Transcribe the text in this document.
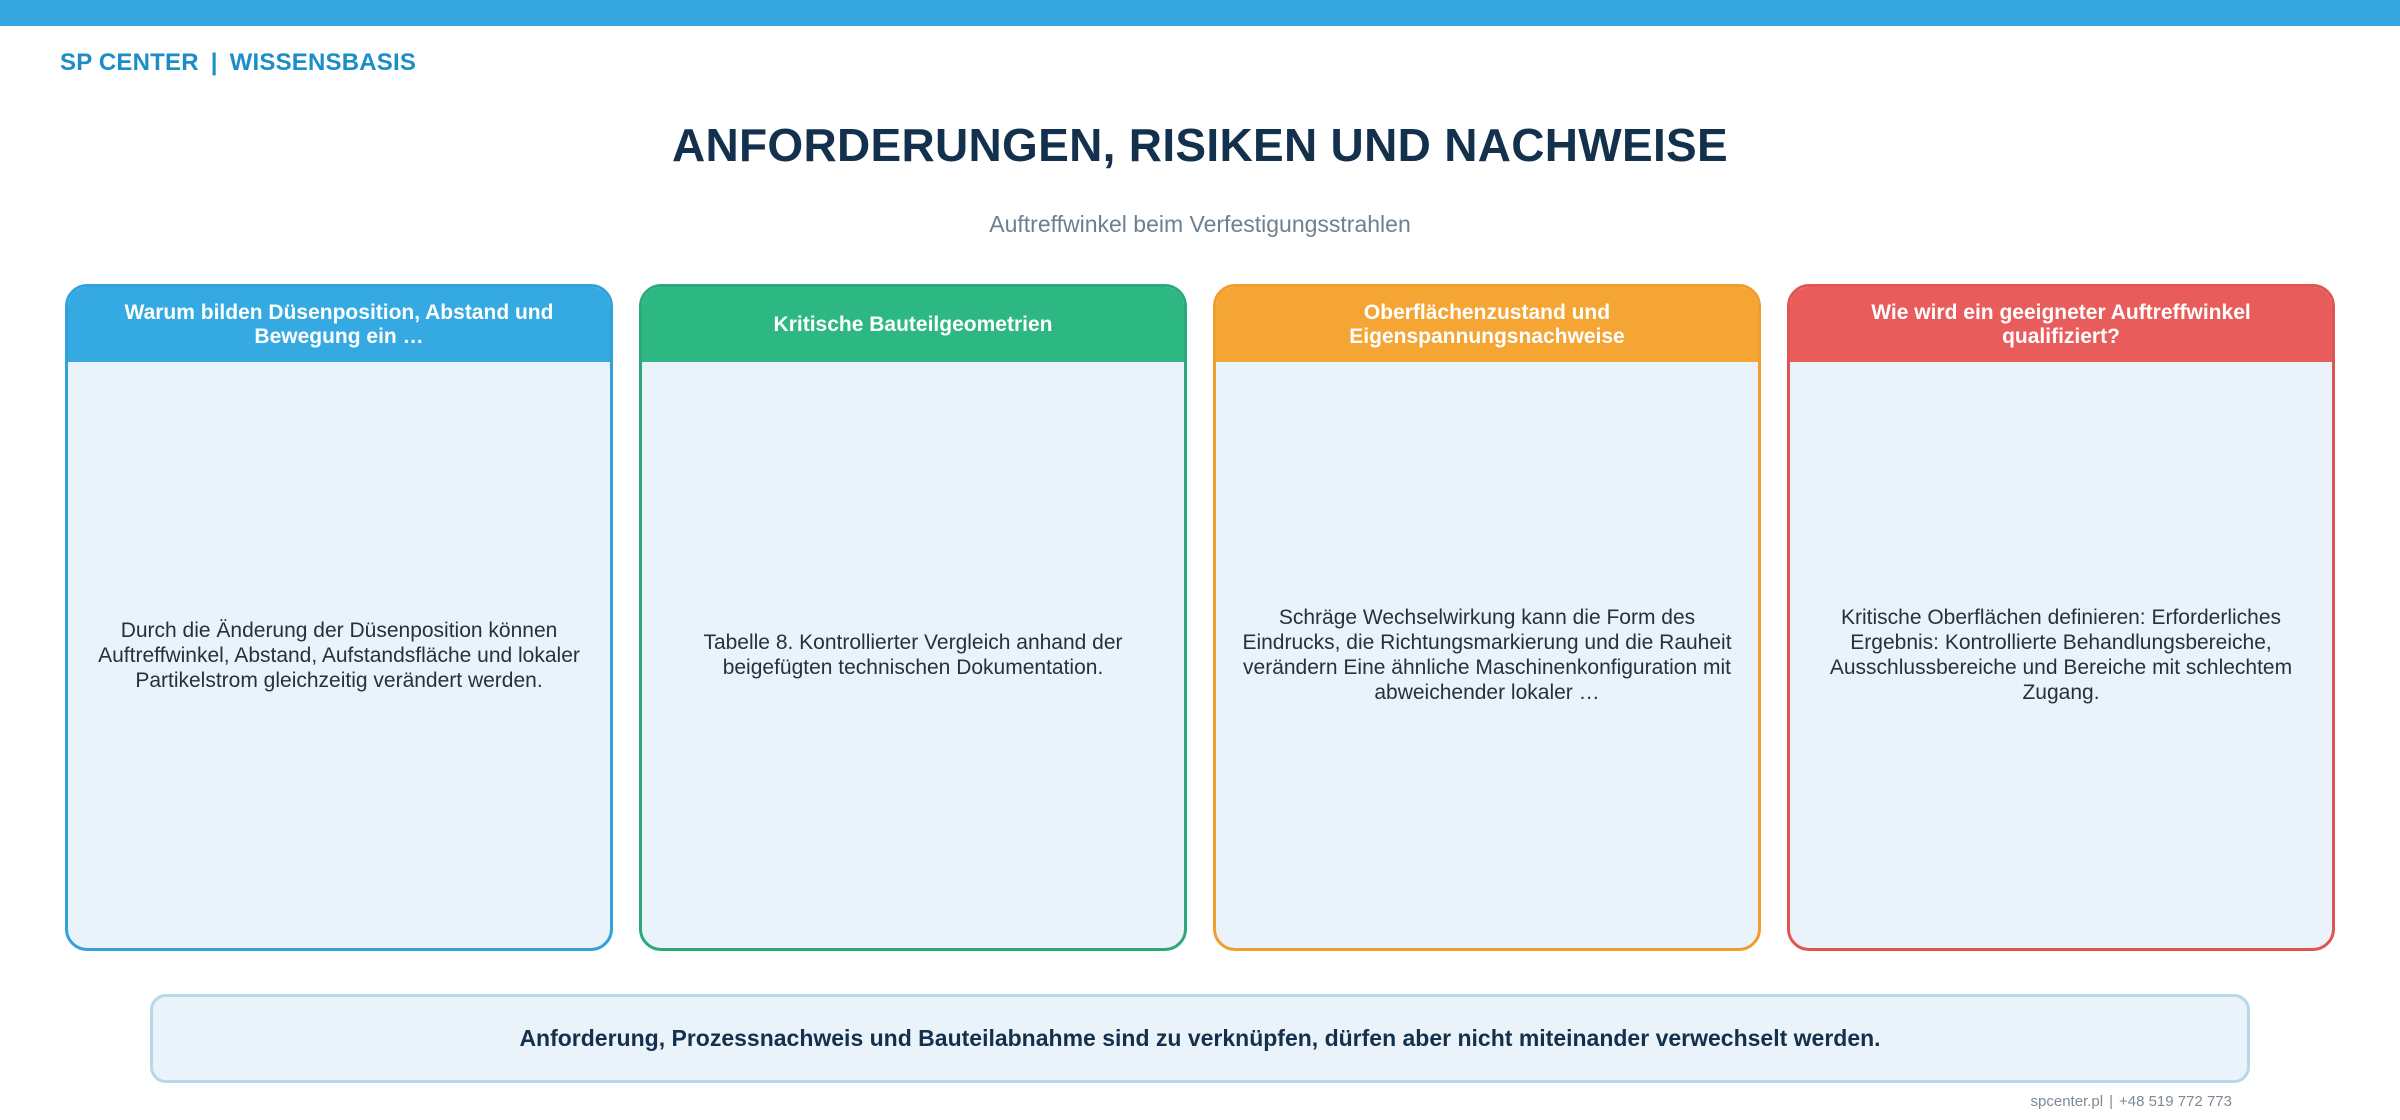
SP CENTER | WISSENSBASIS
ANFORDERUNGEN, RISIKEN UND NACHWEISE
Auftreffwinkel beim Verfestigungsstrahlen
Warum bilden Düsenposition, Abstand und Bewegung ein …
Durch die Änderung der Düsenposition können Auftreffwinkel, Abstand, Aufstandsfläche und lokaler Partikelstrom gleichzeitig verändert werden.
Kritische Bauteilgeometrien
Tabelle 8. Kontrollierter Vergleich anhand der beigefügten technischen Dokumentation.
Oberflächenzustand und Eigenspannungsnachweise
Schräge Wechselwirkung kann die Form des Eindrucks, die Richtungsmarkierung und die Rauheit verändern Eine ähnliche Maschinenkonfiguration mit abweichender lokaler …
Wie wird ein geeigneter Auftreffwinkel qualifiziert?
Kritische Oberflächen definieren: Erforderliches Ergebnis: Kontrollierte Behandlungsbereiche, Ausschlussbereiche und Bereiche mit schlechtem Zugang.
Anforderung, Prozessnachweis und Bauteilabnahme sind zu verknüpfen, dürfen aber nicht miteinander verwechselt werden.
spcenter.pl | +48 519 772 773
